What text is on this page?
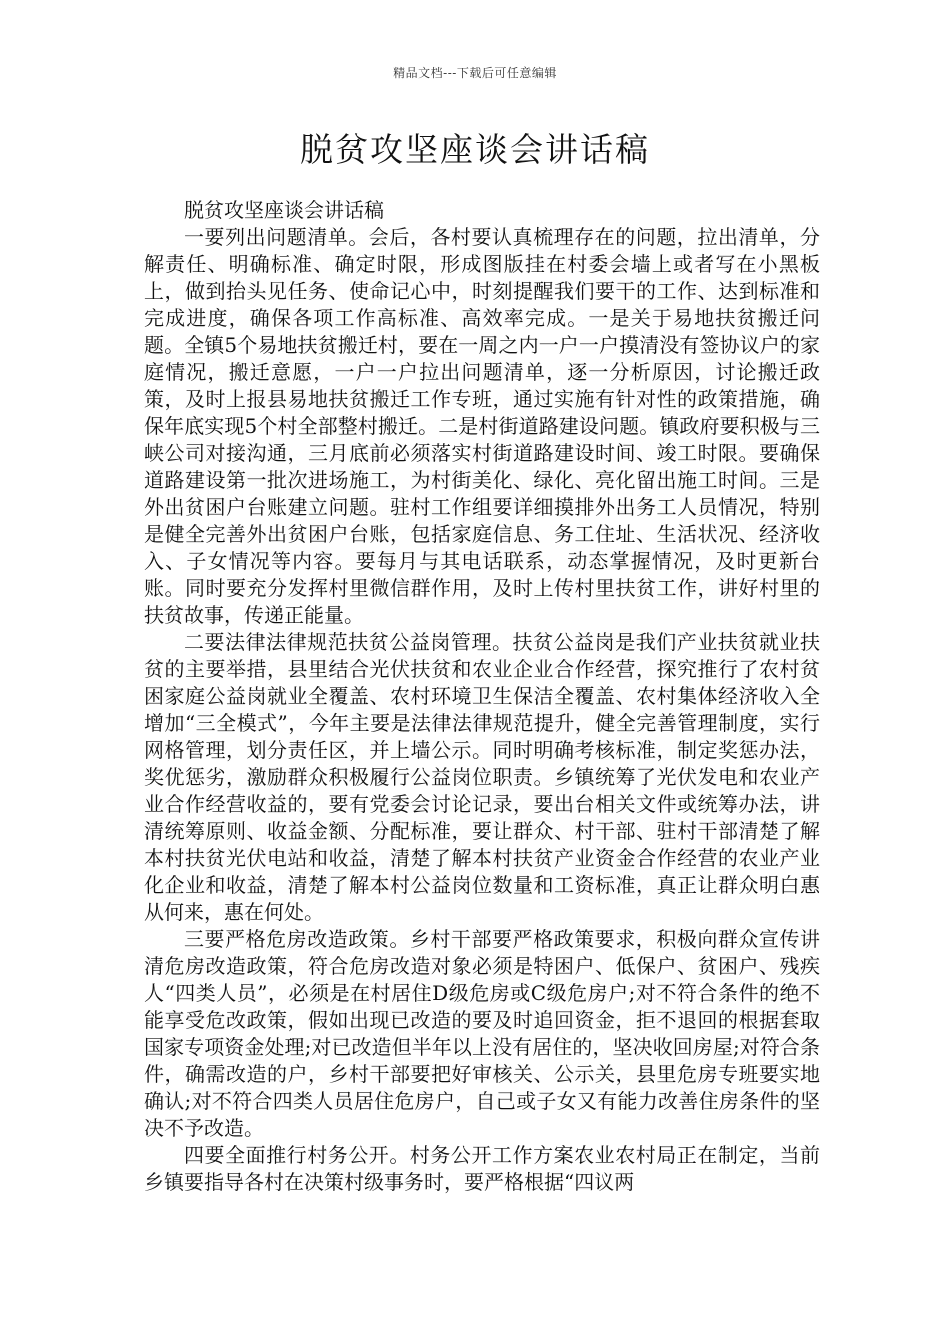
精品文档---下载后可任意编辑
脱贫攻坚座谈会讲话稿

脱贫攻坚座谈会讲话稿

一要列出问题清单。会后，各村要认真梳理存在的问题，拉出清单，分解责任、明确标准、确定时限，形成图版挂在村委会墙上或者写在小黑板上，做到抬头见任务、使命记心中，时刻提醒我们要干的工作、达到标准和完成进度，确保各项工作高标准、高效率完成。一是关于易地扶贫搬迁问题。全镇5个易地扶贫搬迁村，要在一周之内一户一户摸清没有签协议户的家庭情况，搬迁意愿，一户一户拉出问题清单，逐一分析原因，讨论搬迁政策，及时上报县易地扶贫搬迁工作专班，通过实施有针对性的政策措施，确保年底实现5个村全部整村搬迁。二是村街道路建设问题。镇政府要积极与三峡公司对接沟通，三月底前必须落实村街道路建设时间、竣工时限。要确保道路建设第一批次进场施工，为村街美化、绿化、亮化留出施工时间。三是外出贫困户台账建立问题。驻村工作组要详细摸排外出务工人员情况，特别是健全完善外出贫困户台账，包括家庭信息、务工住址、生活状况、经济收入、子女情况等内容。要每月与其电话联系，动态掌握情况，及时更新台账。同时要充分发挥村里微信群作用，及时上传村里扶贫工作，讲好村里的扶贫故事，传递正能量。

二要法律法律规范扶贫公益岗管理。扶贫公益岗是我们产业扶贫就业扶贫的主要举措，县里结合光伏扶贫和农业企业合作经营，探究推行了农村贫困家庭公益岗就业全覆盖、农村环境卫生保洁全覆盖、农村集体经济收入全增加“三全模式”，今年主要是法律法律规范提升，健全完善管理制度，实行网格管理，划分责任区，并上墙公示。同时明确考核标准，制定奖惩办法，奖优惩劣，激励群众积极履行公益岗位职责。乡镇统筹了光伏发电和农业产业合作经营收益的，要有党委会讨论记录，要出台相关文件或统筹办法，讲清统筹原则、收益金额、分配标准，要让群众、村干部、驻村干部清楚了解本村扶贫光伏电站和收益，清楚了解本村扶贫产业资金合作经营的农业产业化企业和收益，清楚了解本村公益岗位数量和工资标准，真正让群众明白惠从何来，惠在何处。

三要严格危房改造政策。乡村干部要严格政策要求，积极向群众宣传讲清危房改造政策，符合危房改造对象必须是特困户、低保户、贫困户、残疾人“四类人员”，必须是在村居住D级危房或C级危房户;对不符合条件的绝不能享受危改政策，假如出现已改造的要及时追回资金，拒不退回的根据套取国家专项资金处理;对已改造但半年以上没有居住的，坚决收回房屋;对符合条件，确需改造的户，乡村干部要把好审核关、公示关，县里危房专班要实地确认;对不符合四类人员居住危房户，自己或子女又有能力改善住房条件的坚决不予改造。

四要全面推行村务公开。村务公开工作方案农业农村局正在制定，当前乡镇要指导各村在决策村级事务时，要严格根据“四议两
